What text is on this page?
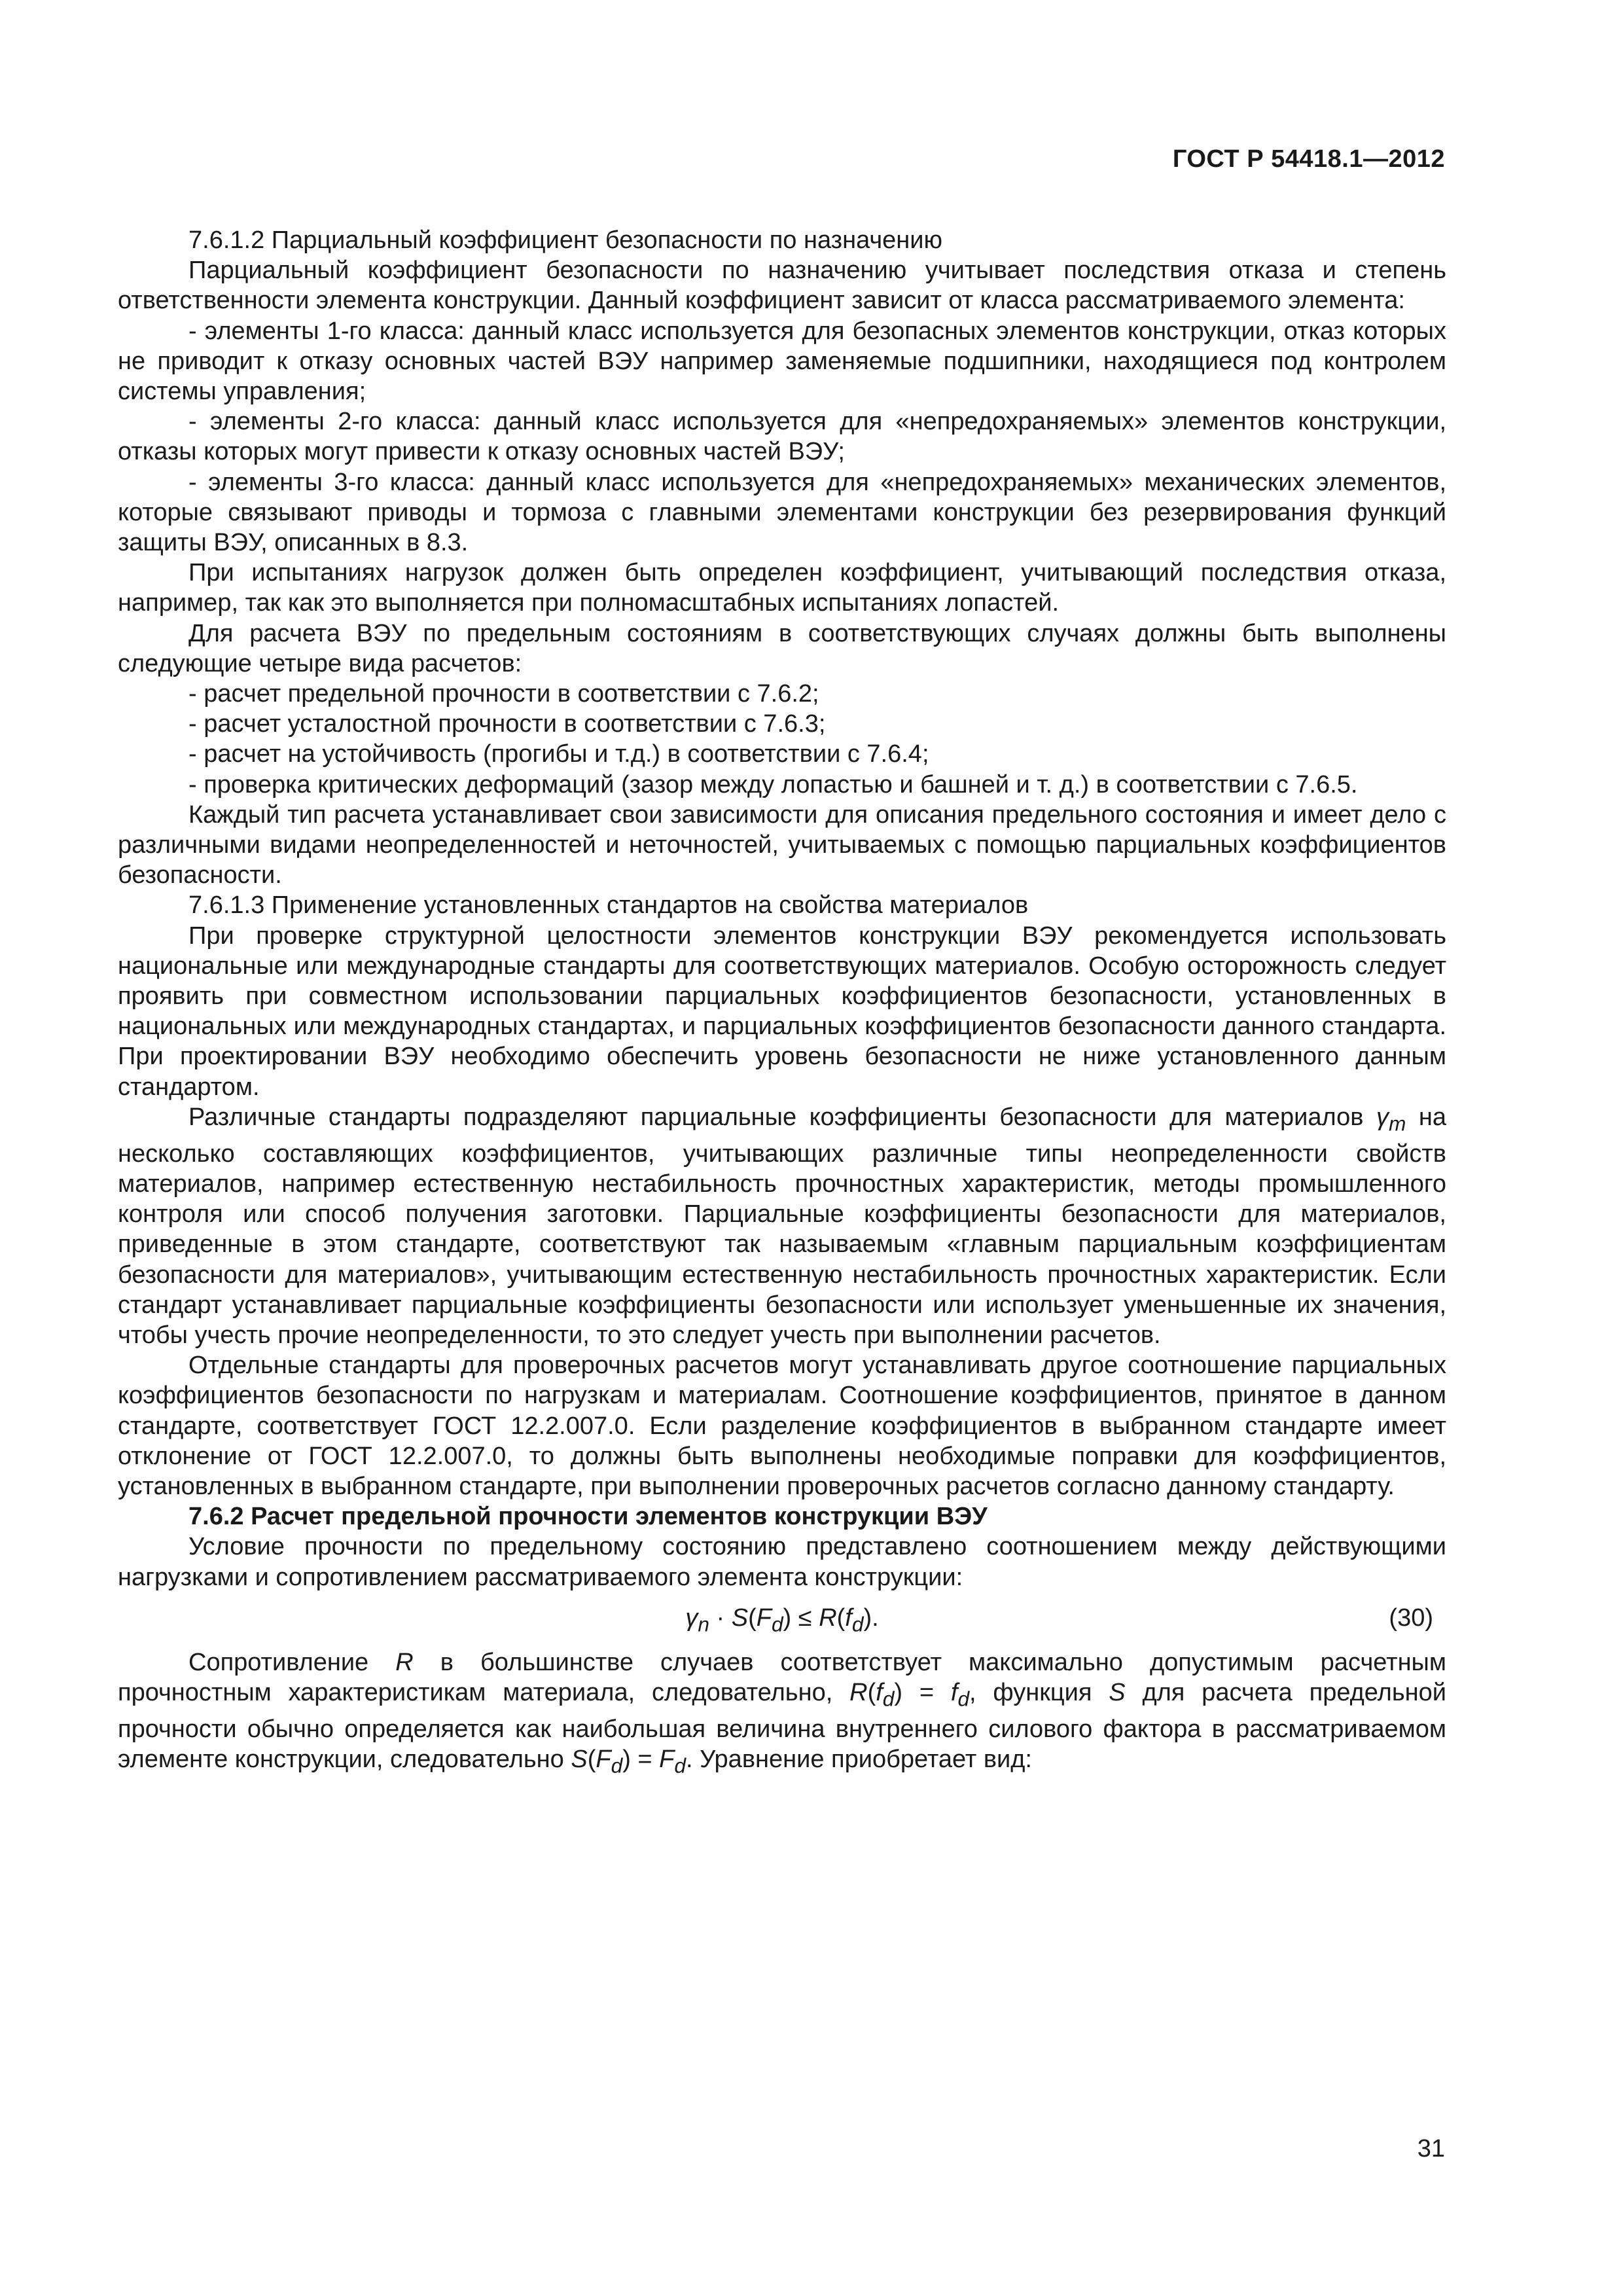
ГОСТ Р 54418.1—2012

7.6.1.2 Парциальный коэффициент безопасности по назначению

Парциальный коэффициент безопасности по назначению учитывает последствия отказа и степень ответственности элемента конструкции. Данный коэффициент зависит от класса рассматриваемого элемента:

- элементы 1-го класса: данный класс используется для безопасных элементов конструкции, отказ которых не приводит к отказу основных частей ВЭУ например заменяемые подшипники, находящиеся под контролем системы управления;

- элементы 2-го класса: данный класс используется для «непредохраняемых» элементов конструкции, отказы которых могут привести к отказу основных частей ВЭУ;

- элементы 3-го класса: данный класс используется для «непредохраняемых» механических элементов, которые связывают приводы и тормоза с главными элементами конструкции без резервирования функций защиты ВЭУ, описанных в 8.3.

При испытаниях нагрузок должен быть определен коэффициент, учитывающий последствия отказа, например, так как это выполняется при полномасштабных испытаниях лопастей.

Для расчета ВЭУ по предельным состояниям в соответствующих случаях должны быть выполнены следующие четыре вида расчетов:

- расчет предельной прочности в соответствии с 7.6.2;

- расчет усталостной прочности в соответствии с 7.6.3;

- расчет на устойчивость (прогибы и т.д.) в соответствии с 7.6.4;

- проверка критических деформаций (зазор между лопастью и башней и т. д.) в соответствии с 7.6.5.

Каждый тип расчета устанавливает свои зависимости для описания предельного состояния и имеет дело с различными видами неопределенностей и неточностей, учитываемых с помощью парциальных коэффициентов безопасности.

7.6.1.3 Применение установленных стандартов на свойства материалов

При проверке структурной целостности элементов конструкции ВЭУ рекомендуется использовать национальные или международные стандарты для соответствующих материалов. Особую осторожность следует проявить при совместном использовании парциальных коэффициентов безопасности, установленных в национальных или международных стандартах, и парциальных коэффициентов безопасности данного стандарта. При проектировании ВЭУ необходимо обеспечить уровень безопасности не ниже установленного данным стандартом.

Различные стандарты подразделяют парциальные коэффициенты безопасности для материалов $\gamma_m$ на несколько составляющих коэффициентов, учитывающих различные типы неопределенности свойств материалов, например естественную нестабильность прочностных характеристик, методы промышленного контроля или способ получения заготовки. Парциальные коэффициенты безопасности для материалов, приведенные в этом стандарте, соответствуют так называемым «главным парциальным коэффициентам безопасности для материалов», учитывающим естественную нестабильность прочностных характеристик. Если стандарт устанавливает парциальные коэффициенты безопасности или использует уменьшенные их значения, чтобы учесть прочие неопределенности, то это следует учесть при выполнении расчетов.

Отдельные стандарты для проверочных расчетов могут устанавливать другое соотношение парциальных коэффициентов безопасности по нагрузкам и материалам. Соотношение коэффициентов, принятое в данном стандарте, соответствует ГОСТ 12.2.007.0. Если разделение коэффициентов в выбранном стандарте имеет отклонение от ГОСТ 12.2.007.0, то должны быть выполнены необходимые поправки для коэффициентов, установленных в выбранном стандарте, при выполнении проверочных расчетов согласно данному стандарту.

7.6.2 Расчет предельной прочности элементов конструкции ВЭУ

Условие прочности по предельному состоянию представлено соотношением между действующими нагрузками и сопротивлением рассматриваемого элемента конструкции:

$\gamma_n \cdot S(F_d) \le R(f_d)$.	(30)

Сопротивление R в большинстве случаев соответствует максимально допустимым расчетным прочностным характеристикам материала, следовательно, $R(f_d) = f_d$, функция S для расчета предельной прочности обычно определяется как наибольшая величина внутреннего силового фактора в рассматриваемом элементе конструкции, следовательно $S(F_d) = F_d$. Уравнение приобретает вид:

31
